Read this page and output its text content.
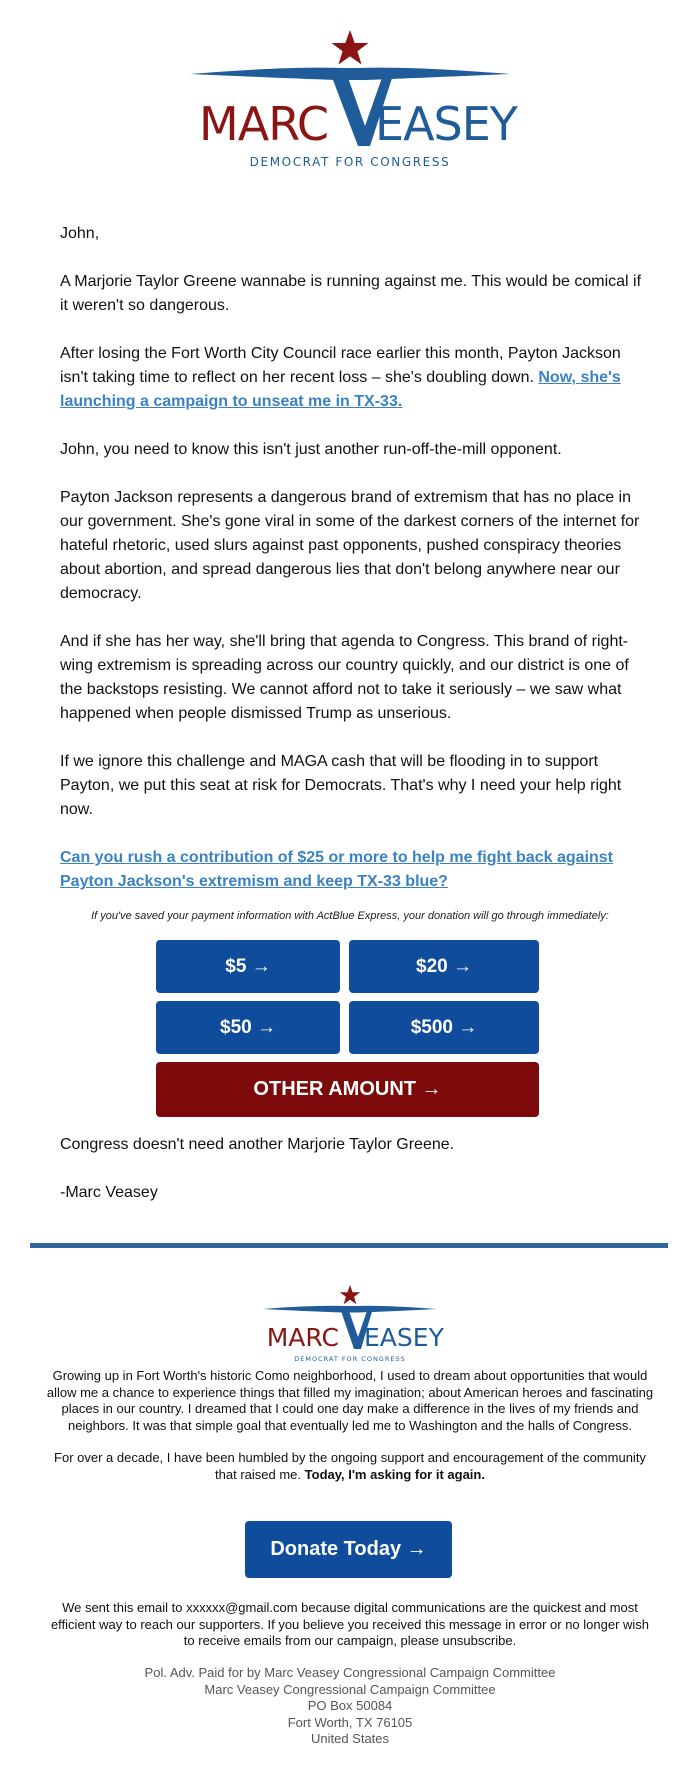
MARC EASEY
DEMOCRAT FOR CONGRESS

John,

A Marjorie Taylor Greene wannabe is running against me. This would be comical if it weren't so dangerous.

After losing the Fort Worth City Council race earlier this month, Payton Jackson isn't taking time to reflect on her recent loss – she's doubling down. Now, she's launching a campaign to unseat me in TX-33.

John, you need to know this isn't just another run-off-the-mill opponent.

Payton Jackson represents a dangerous brand of extremism that has no place in our government. She's gone viral in some of the darkest corners of the internet for hateful rhetoric, used slurs against past opponents, pushed conspiracy theories about abortion, and spread dangerous lies that don't belong anywhere near our democracy.

And if she has her way, she'll bring that agenda to Congress. This brand of right-wing extremism is spreading across our country quickly, and our district is one of the backstops resisting. We cannot afford not to take it seriously – we saw what happened when people dismissed Trump as unserious.

If we ignore this challenge and MAGA cash that will be flooding in to support Payton, we put this seat at risk for Democrats. That's why I need your help right now.

Can you rush a contribution of $25 or more to help me fight back against Payton Jackson's extremism and keep TX-33 blue?

If you've saved your payment information with ActBlue Express, your donation will go through immediately:
$5 →	$20 →
$50 →	$500 →
OTHER AMOUNT →
Congress doesn't need another Marjorie Taylor Greene.
-Marc Veasey
MARC EASEY
DEMOCRAT FOR CONGRESS

Growing up in Fort Worth's historic Como neighborhood, I used to dream about opportunities that would allow me a chance to experience things that filled my imagination; about American heroes and fascinating places in our country. I dreamed that I could one day make a difference in the lives of my friends and neighbors. It was that simple goal that eventually led me to Washington and the halls of Congress.

For over a decade, I have been humbled by the ongoing support and encouragement of the community that raised me. Today, I'm asking for it again.

Donate Today →
We sent this email to xxxxxx@gmail.com because digital communications are the quickest and most efficient way to reach our supporters. If you believe you received this message in error or no longer wish to receive emails from our campaign, please unsubscribe.
Pol. Adv. Paid for by Marc Veasey Congressional Campaign Committee
Marc Veasey Congressional Campaign Committee
PO Box 50084
Fort Worth, TX 76105
United States
